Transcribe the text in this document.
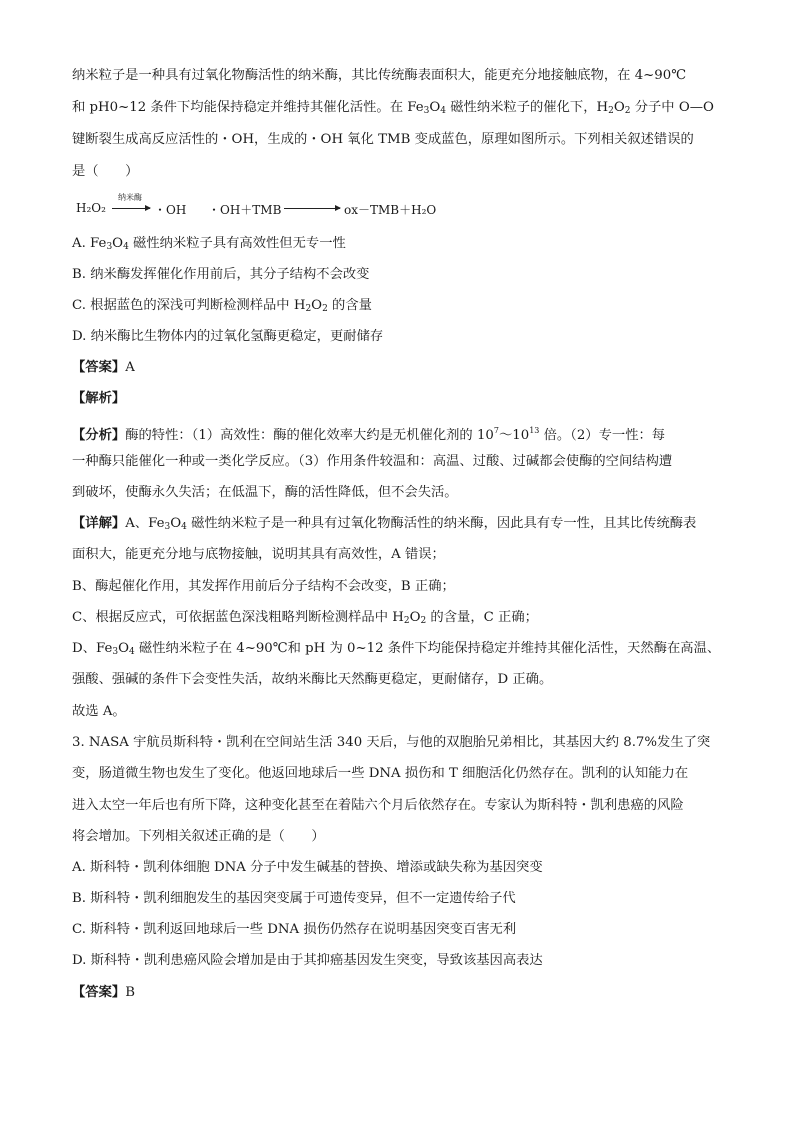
纳米粒子是一种具有过氧化物酶活性的纳米酶，其比传统酶表面积大，能更充分地接触底物，在 4~90℃
和 pH0~12 条件下均能保持稳定并维持其催化活性。在 $Fe_3O_4$ 磁性纳米粒子的催化下，$H_2O_2$ 分子中 O—O
键断裂生成高反应活性的・OH，生成的・OH 氧化 TMB 变成蓝色，原理如图所示。下列相关叙述错误的
是（　　）
H₂O₂
纳米酶
→ ・OH ・OH＋TMB	ox－TMB＋H₂O
A. $Fe_3O_4$ 磁性纳米粒子具有高效性但无专一性
B. 纳米酶发挥催化作用前后，其分子结构不会改变
C. 根据蓝色的深浅可判断检测样品中 $H_2O_2$ 的含量
D. 纳米酶比生物体内的过氧化氢酶更稳定，更耐储存
【答案】A
【解析】
【分析】酶的特性：（1）高效性：酶的催化效率大约是无机催化剂的 $10^7\sim 10^{13}$ 倍。（2）专一性：每
一种酶只能催化一种或一类化学反应。（3）作用条件较温和：高温、过酸、过碱都会使酶的空间结构遭
到破坏，使酶永久失活；在低温下，酶的活性降低，但不会失活。
【详解】A、$Fe_3O_4$ 磁性纳米粒子是一种具有过氧化物酶活性的纳米酶，因此具有专一性，且其比传统酶表
面积大，能更充分地与底物接触，说明其具有高效性，A 错误；
B、酶起催化作用，其发挥作用前后分子结构不会改变，B 正确；
C、根据反应式，可依据蓝色深浅粗略判断检测样品中 $H_2O_2$ 的含量，C 正确；
D、$Fe_3O_4$ 磁性纳米粒子在 4~90℃和 pH 为 0~12 条件下均能保持稳定并维持其催化活性，天然酶在高温、
强酸、强碱的条件下会变性失活，故纳米酶比天然酶更稳定，更耐储存，D 正确。
故选 A。
3. NASA 宇航员斯科特・凯利在空间站生活 340 天后，与他的双胞胎兄弟相比，其基因大约 8.7%发生了突
变，肠道微生物也发生了变化。他返回地球后一些 DNA 损伤和 T 细胞活化仍然存在。凯利的认知能力在
进入太空一年后也有所下降，这种变化甚至在着陆六个月后依然存在。专家认为斯科特・凯利患癌的风险
将会增加。下列相关叙述正确的是（　　）
A. 斯科特・凯利体细胞 DNA 分子中发生碱基的替换、增添或缺失称为基因突变
B. 斯科特・凯利细胞发生的基因突变属于可遗传变异，但不一定遗传给子代
C. 斯科特・凯利返回地球后一些 DNA 损伤仍然存在说明基因突变百害无利
D. 斯科特・凯利患癌风险会增加是由于其抑癌基因发生突变，导致该基因高表达
【答案】B
